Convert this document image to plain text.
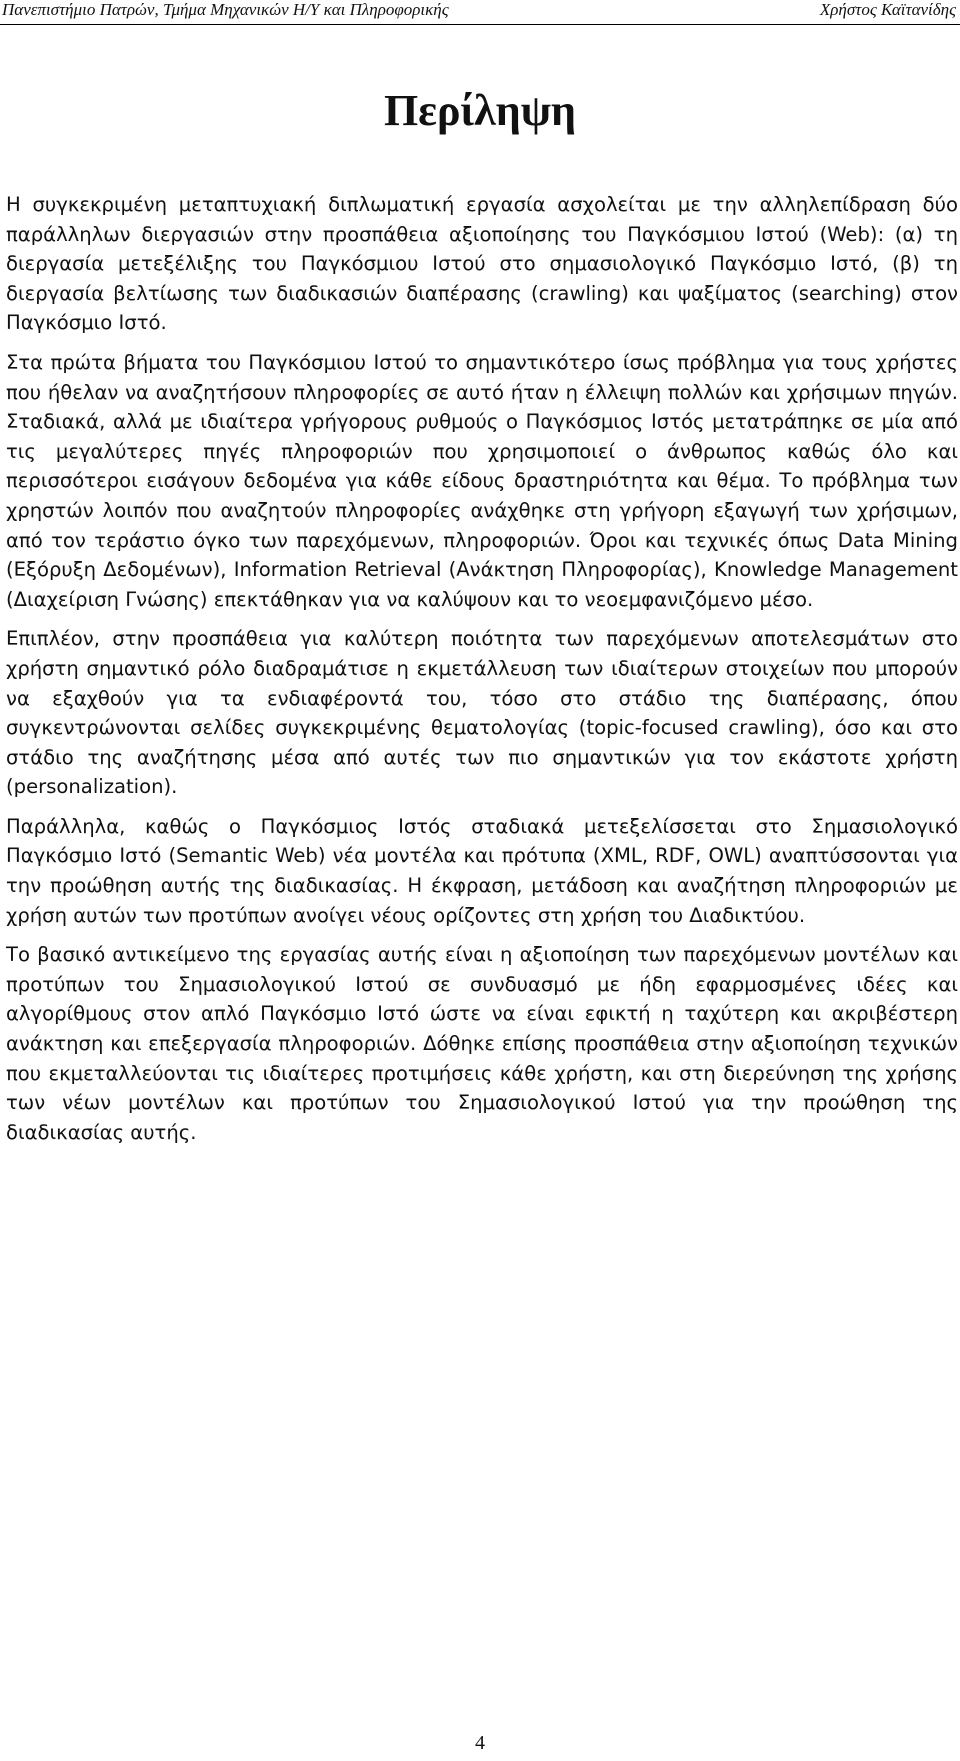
Πανεπιστήμιο Πατρών, Τμήμα Μηχανικών Η/Υ και Πληροφορικής	Χρήστος Καϊτανίδης
Περίληψη

Η συγκεκριμένη μεταπτυχιακή διπλωματική εργασία ασχολείται με την αλληλεπίδραση δύο παράλληλων διεργασιών στην προσπάθεια αξιοποίησης του Παγκόσμιου Ιστού (Web): (α) τη διεργασία μετεξέλιξης του Παγκόσμιου Ιστού στο σημασιολογικό Παγκόσμιο Ιστό, (β) τη διεργασία βελτίωσης των διαδικασιών διαπέρασης (crawling) και ψαξίματος (searching) στον Παγκόσμιο Ιστό.

Στα πρώτα βήματα του Παγκόσμιου Ιστού το σημαντικότερο ίσως πρόβλημα για τους χρήστες που ήθελαν να αναζητήσουν πληροφορίες σε αυτό ήταν η έλλειψη πολλών και χρήσιμων πηγών. Σταδιακά, αλλά με ιδιαίτερα γρήγορους ρυθμούς ο Παγκόσμιος Ιστός μετατράπηκε σε μία από τις μεγαλύτερες πηγές πληροφοριών που χρησιμοποιεί ο άνθρωπος καθώς όλο και περισσότεροι εισάγουν δεδομένα για κάθε είδους δραστηριότητα και θέμα. Το πρόβλημα των χρηστών λοιπόν που αναζητούν πληροφορίες ανάχθηκε στη γρήγορη εξαγωγή των χρήσιμων, από τον τεράστιο όγκο των παρεχόμενων, πληροφοριών. Όροι και τεχνικές όπως Data Mining (Εξόρυξη Δεδομένων), Information Retrieval (Ανάκτηση Πληροφορίας), Knowledge Management (Διαχείριση Γνώσης) επεκτάθηκαν για να καλύψουν και το νεοεμφανιζόμενο μέσο.

Επιπλέον, στην προσπάθεια για καλύτερη ποιότητα των παρεχόμενων αποτελεσμάτων στο χρήστη σημαντικό ρόλο διαδραμάτισε η εκμετάλλευση των ιδιαίτερων στοιχείων που μπορούν να εξαχθούν για τα ενδιαφέροντά του, τόσο στο στάδιο της διαπέρασης, όπου συγκεντρώνονται σελίδες συγκεκριμένης θεματολογίας (topic-focused crawling), όσο και στο στάδιο της αναζήτησης μέσα από αυτές των πιο σημαντικών για τον εκάστοτε χρήστη (personalization).

Παράλληλα, καθώς ο Παγκόσμιος Ιστός σταδιακά μετεξελίσσεται στο Σημασιολογικό Παγκόσμιο Ιστό (Semantic Web) νέα μοντέλα και πρότυπα (XML, RDF, OWL) αναπτύσσονται για την προώθηση αυτής της διαδικασίας. Η έκφραση, μετάδοση και αναζήτηση πληροφοριών με χρήση αυτών των προτύπων ανοίγει νέους ορίζοντες στη χρήση του Διαδικτύου.

Το βασικό αντικείμενο της εργασίας αυτής είναι η αξιοποίηση των παρεχόμενων μοντέλων και προτύπων του Σημασιολογικού Ιστού σε συνδυασμό με ήδη εφαρμοσμένες ιδέες και αλγορίθμους στον απλό Παγκόσμιο Ιστό ώστε να είναι εφικτή η ταχύτερη και ακριβέστερη ανάκτηση και επεξεργασία πληροφοριών. Δόθηκε επίσης προσπάθεια στην αξιοποίηση τεχνικών που εκμεταλλεύονται τις ιδιαίτερες προτιμήσεις κάθε χρήστη, και στη διερεύνηση της χρήσης των νέων μοντέλων και προτύπων του Σημασιολογικού Ιστού για την προώθηση της διαδικασίας αυτής.

4
